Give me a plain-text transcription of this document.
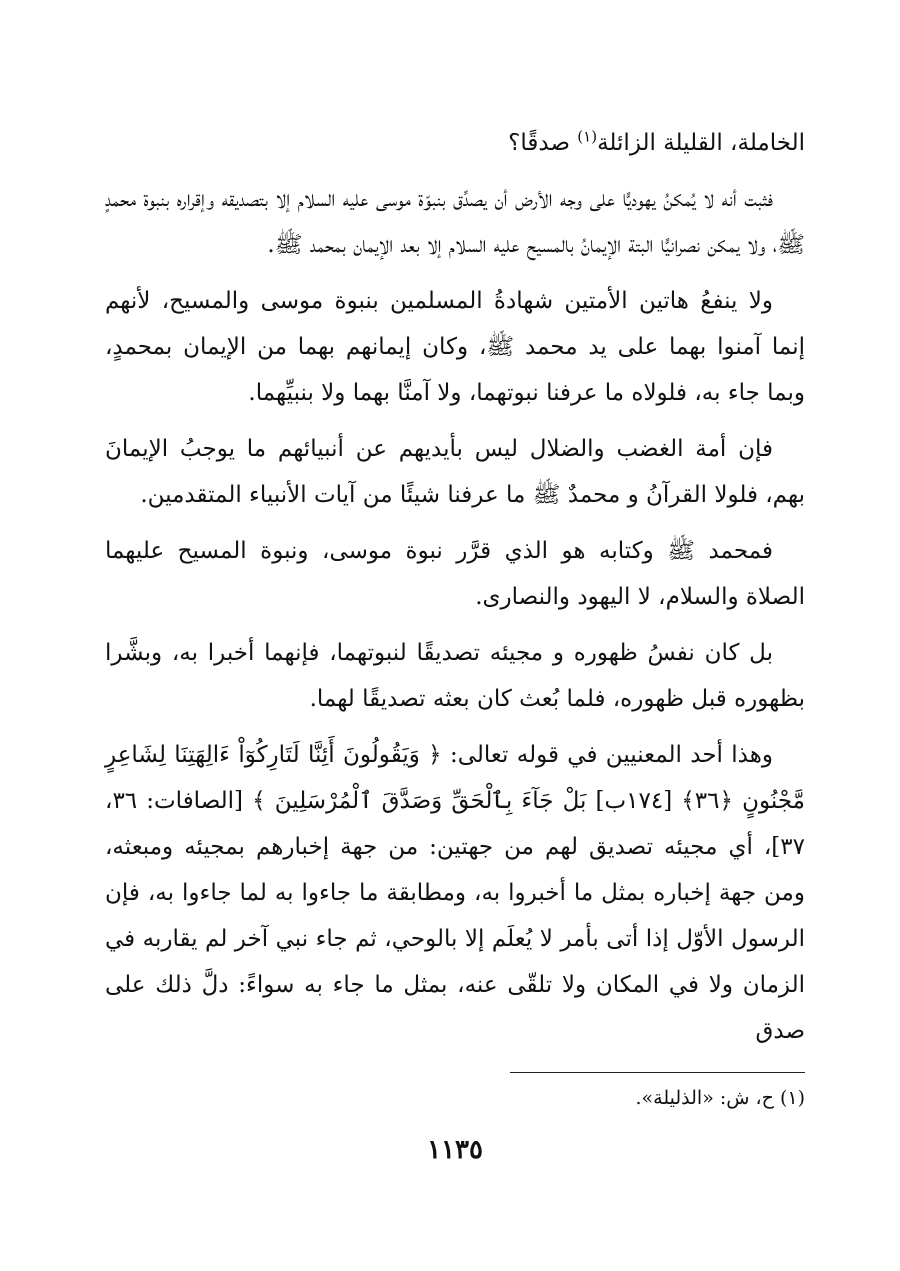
الخاملة، القليلة الزائلة$^{(١)}$ صدقًا؟

فثبت أنه لا يُمكنُ يهوديًّا على وجه الأرض أن يصدِّق بنبوّة موسى عليه السلام إلا بتصديقه وإقراره بنبوة محمدٍ ﷺ، ولا يمكن نصرانيًّا البتة الإيمانُ بالمسيح عليه السلام إلا بعد الإيمان بمحمد ﷺ.

ولا ينفعُ هاتين الأمتين شهادةُ المسلمين بنبوة موسى والمسيح، لأنهم إنما آمنوا بهما على يد محمد ﷺ، وكان إيمانهم بهما من الإيمان بمحمدٍ، وبما جاء به، فلولاه ما عرفنا نبوتهما، ولا آمنَّا بهما ولا بنبيِّهما.

فإن أمة الغضب والضلال ليس بأيديهم عن أنبيائهم ما يوجبُ الإيمانَ بهم، فلولا القرآنُ و محمدٌ ﷺ ما عرفنا شيئًا من آيات الأنبياء المتقدمين.

فمحمد ﷺ وكتابه هو الذي قرَّر نبوة موسى، ونبوة المسيح عليهما الصلاة والسلام، لا اليهود والنصارى.

بل كان نفسُ ظهوره و مجيئه تصديقًا لنبوتهما، فإنهما أخبرا به، وبشَّرا بظهوره قبل ظهوره، فلما بُعث كان بعثه تصديقًا لهما.

وهذا أحد المعنيين في قوله تعالى: ﴿ وَيَقُولُونَ أَئِنَّا لَتَارِكُوٓاْ ءَالِهَتِنَا لِشَاعِرٍ مَّجْنُونٍ ﴿٣٦﴾ [١٧٤ب] بَلْ جَآءَ بِٱلْحَقِّ وَصَدَّقَ ٱلْمُرْسَلِينَ ﴾ [الصافات: ٣٦، ٣٧]، أي مجيئه تصديق لهم من جهتين: من جهة إخبارهم بمجيئه ومبعثه، ومن جهة إخباره بمثل ما أخبروا به، ومطابقة ما جاءوا به لما جاءوا به، فإن الرسول الأوّل إذا أتى بأمر لا يُعلَم إلا بالوحي، ثم جاء نبي آخر لم يقاربه في الزمان ولا في المكان ولا تلقّى عنه، بمثل ما جاء به سواءً: دلَّ ذلك على صدق

(١) ح، ش: «الذليلة».

١١٣٥
